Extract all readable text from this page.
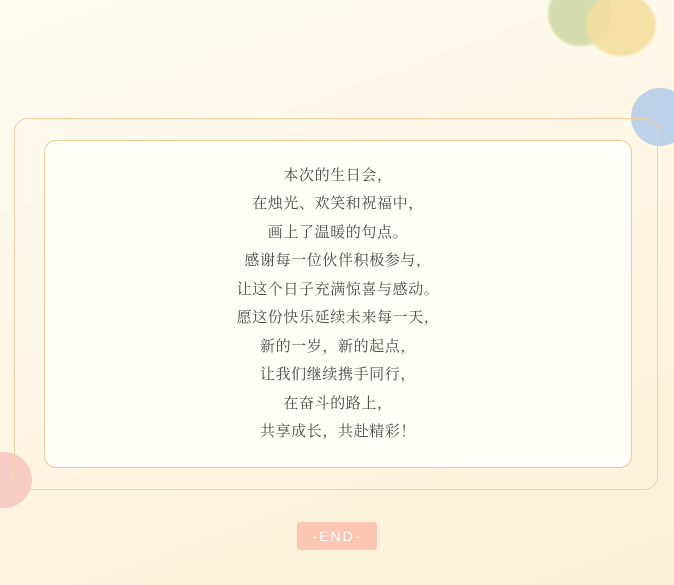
本次的生日会，
在烛光、欢笑和祝福中，
画上了温暖的句点。
感谢每一位伙伴积极参与，
让这个日子充满惊喜与感动。
愿这份快乐延续未来每一天，
新的一岁，新的起点，
让我们继续携手同行，
在奋斗的路上，
共享成长，共赴精彩！
-END-
